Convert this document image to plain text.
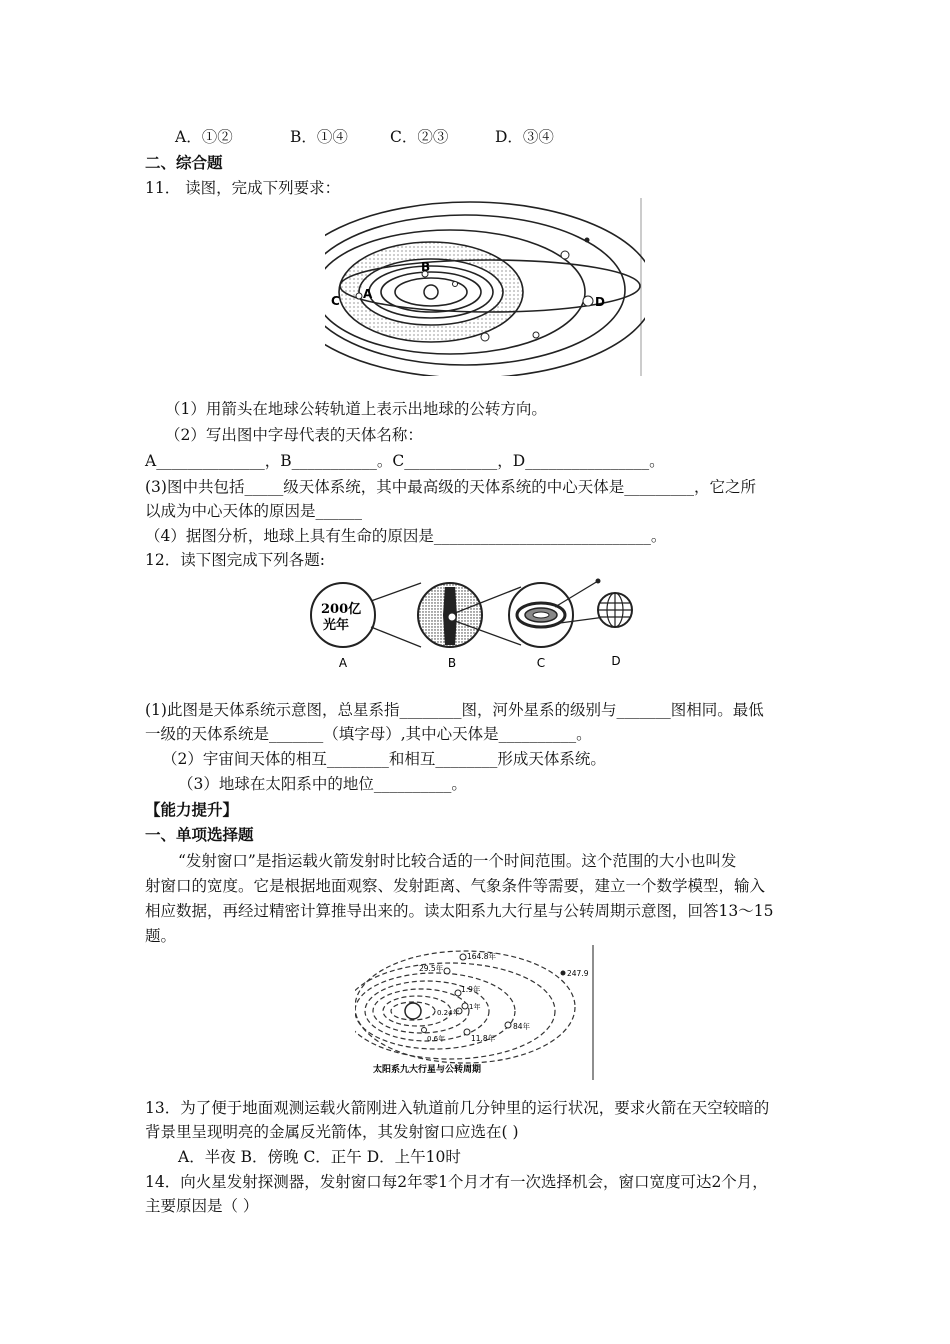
A．①②	B．①④	C．②③	D．③④
二、综合题
11． 读图，完成下列要求：
B
A
C	D
（1）用箭头在地球公转轨道上表示出地球的公转方向。
（2）写出图中字母代表的天体名称：
A______________，B___________。C____________，D________________。
(3)图中共包括_____级天体系统，其中最高级的天体系统的中心天体是_________，它之所
以成为中心天体的原因是______
（4）据图分析，地球上具有生命的原因是____________________________。
12．读下图完成下列各题:
200亿
光年
A	B	C	D
(1)此图是天体系统示意图，总星系指________图，河外星系的级别与_______图相同。最低
一级的天体系统是_______（填字母）,其中心天体是__________。
（2）宇宙间天体的相互________和相互________形成天体系统。
（3）地球在太阳系中的地位__________。
【能力提升】
一、单项选择题
“发射窗口”是指运载火箭发射时比较合适的一个时间范围。这个范围的大小也叫发
射窗口的宽度。它是根据地面观察、发射距离、气象条件等需要，建立一个数学模型，输入
相应数据，再经过精密计算推导出来的。读太阳系九大行星与公转周期示意图，回答13～15
题。
164.8年
29.5年
1.9年
247.9
0.24年
1年
84年
11.8年
0.6年
太阳系九大行星与公转周期
13．为了便于地面观测运载火箭刚进入轨道前几分钟里的运行状况，要求火箭在天空较暗的
背景里呈现明亮的金属反光箭体，其发射窗口应选在( )
A．半夜 B．傍晚 C．正午 D．上午10时
14．向火星发射探测器，发射窗口每2年零1个月才有一次选择机会，窗口宽度可达2个月，
主要原因是（ ）
